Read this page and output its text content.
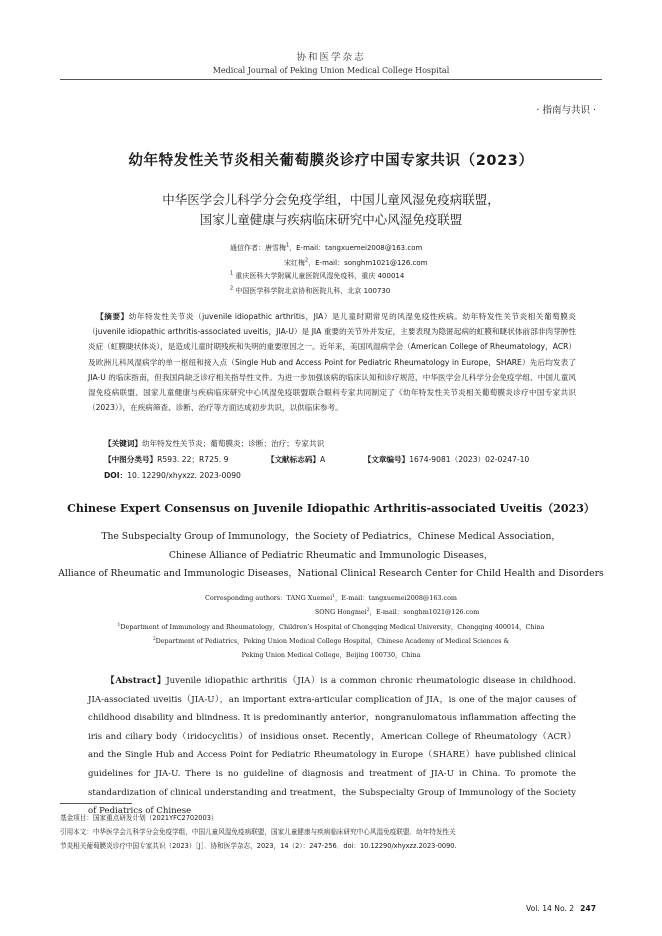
协和医学杂志
Medical Journal of Peking Union Medical College Hospital
· 指南与共识 ·
幼年特发性关节炎相关葡萄膜炎诊疗中国专家共识（2023）
中华医学会儿科学分会免疫学组，中国儿童风湿免疫病联盟，
国家儿童健康与疾病临床研究中心风湿免疫联盟
通信作者：唐雪梅$^1$，E-mail：tangxuemei2008@163.com
宋红梅$^2$，E-mail：songhm1021@126.com
$^1$ 重庆医科大学附属儿童医院风湿免疫科，重庆 400014
$^2$ 中国医学科学院北京协和医院儿科，北京 100730
 【摘要】幼年特发性关节炎（juvenile idiopathic arthritis，JIA）是儿童时期常见的风湿免疫性疾病。幼年特发性关节炎相关葡萄膜炎（juvenile idiopathic arthritis-associated uveitis，JIA-U）是 JIA 重要的关节外并发症，主要表现为隐匿起病的虹膜和睫状体前部非肉芽肿性炎症（虹膜睫状体炎），是造成儿童时期残疾和失明的重要原因之一。近年来，美国风湿病学会（American College of Rheumatology，ACR）及欧洲儿科风湿病学的单一枢纽和接入点（Single Hub and Access Point for Pediatric Rheumatology in Europe，SHARE）先后均发表了 JIA-U 的临床指南，但我国尚缺乏诊疗相关指导性文件。为进一步加强该病的临床认知和诊疗规范，中华医学会儿科学分会免疫学组、中国儿童风湿免疫病联盟、国家儿童健康与疾病临床研究中心风湿免疫联盟联合眼科专家共同制定了《幼年特发性关节炎相关葡萄膜炎诊疗中国专家共识（2023）》，在疾病筛查、诊断、治疗等方面达成初步共识，以供临床参考。
【关键词】幼年特发性关节炎；葡萄膜炎；诊断；治疗；专家共识
【中图分类号】R593. 22；R725. 9	【文献标志码】A	【文章编号】1674-9081（2023）02-0247-10
DOI：10. 12290/xhyxzz. 2023-0090
Chinese Expert Consensus on Juvenile Idiopathic Arthritis-associated Uveitis（2023）
The Subspecialty Group of Immunology，the Society of Pediatrics，Chinese Medical Association，
Chinese Alliance of Pediatric Rheumatic and Immunologic Diseases，
Alliance of Rheumatic and Immunologic Diseases，National Clinical Research Center for Child Health and Disorders
Corresponding authors：TANG Xuemei$^1$，E-mail：tangxuemei2008@163.com
SONG Hongmei$^2$，E-mail：songhm1021@126.com
$^1$Department of Immunology and Rheumatology，Children’s Hospital of Chongqing Medical University，Chongqing 400014，China
$^2$Department of Pediatrics，Peking Union Medical College Hospital，Chinese Academy of Medical Sciences &
Peking Union Medical College，Beijing 100730，China
【Abstract】Juvenile idiopathic arthritis（JIA）is a common chronic rheumatologic disease in childhood. JIA-associated uveitis（JIA-U），an important extra-articular complication of JIA，is one of the major causes of childhood disability and blindness. It is predominantly anterior，nongranulomatous inflammation affecting the iris and ciliary body（iridocyclitis）of insidious onset. Recently，American College of Rheumatology（ACR）and the Single Hub and Access Point for Pediatric Rheumatology in Europe（SHARE）have published clinical guidelines for JIA-U. There is no guideline of diagnosis and treatment of JIA-U in China. To promote the standardization of clinical understanding and treatment，the Subspecialty Group of Immunology of the Society of Pediatrics of Chinese
基金项目：国家重点研发计划（2021YFC2702003）
引用本文：中华医学会儿科学分会免疫学组，中国儿童风湿免疫病联盟，国家儿童健康与疾病临床研究中心风湿免疫联盟．幼年特发性关
节炎相关葡萄膜炎诊疗中国专家共识（2023）［J］．协和医学杂志，2023，14（2）：247-256．doi：10.12290/xhyxzz.2023-0090.
Vol. 14 No. 2 247
